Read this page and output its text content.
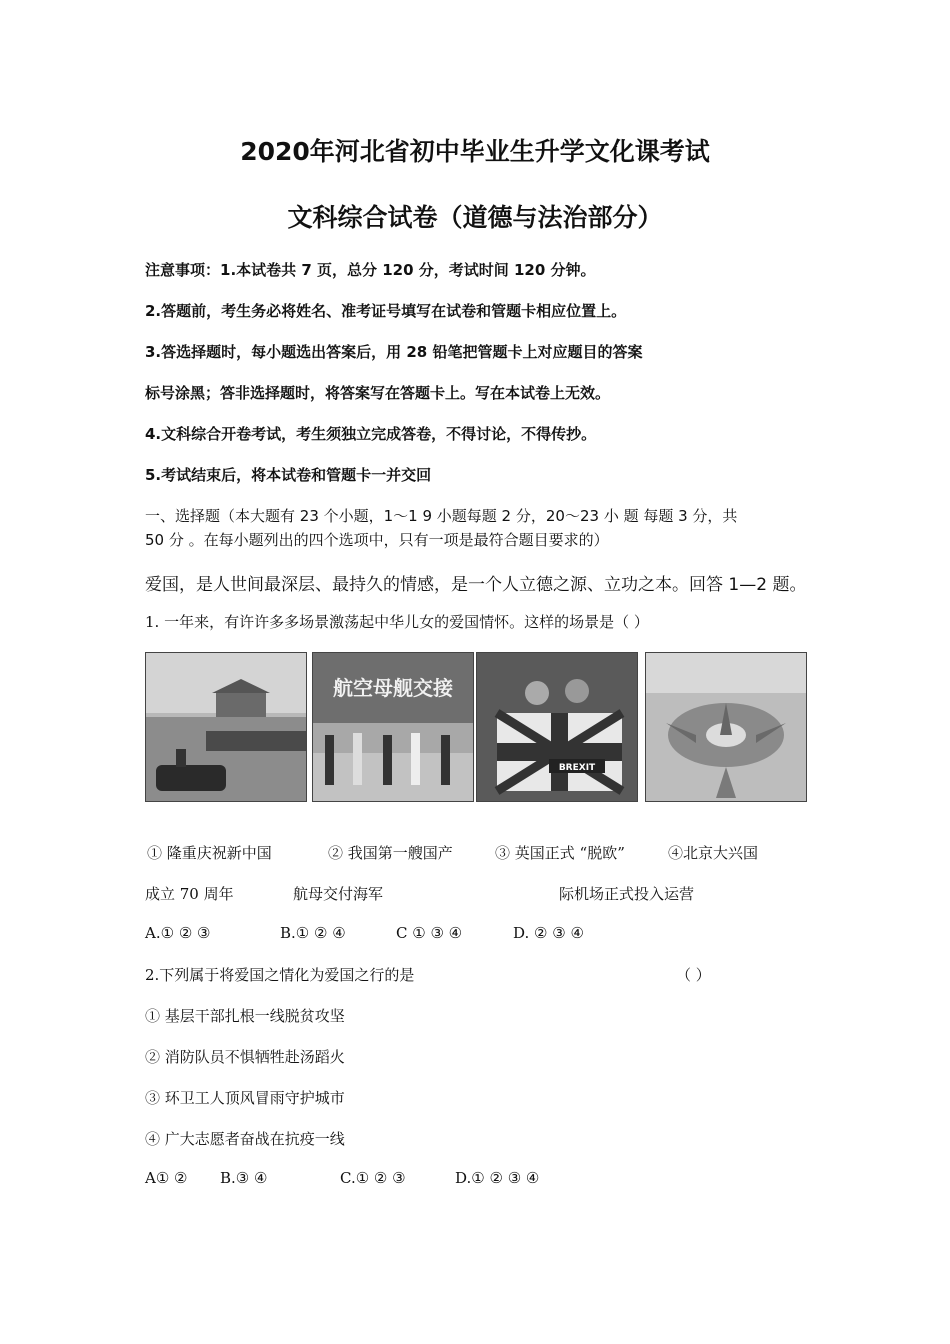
2020年河北省初中毕业生升学文化课考试
文科综合试卷（道德与法治部分）
注意事项：1.本试卷共 7 页，总分 120 分，考试时间 120 分钟。
2.答题前，考生务必将姓名、准考证号填写在试卷和管题卡相应位置上。
3.答选择题时，每小题选出答案后，用 28 铅笔把管题卡上对应题目的答案
标号涂黑；答非选择题时，将答案写在答题卡上。写在本试卷上无效。
4.文科综合开卷考试，考生须独立完成答卷，不得讨论，不得传抄。
5.考试结束后，将本试卷和管题卡一并交回
一、选择题（本大题有 23 个小题，1～1 9 小题每题 2 分，20～23 小 题 每题 3 分，共
50 分 。在每小题列出的四个选项中，只有一项是最符合题目要求的）
爱国，是人世间最深层、最持久的情感，是一个人立德之源、立功之本。回答 1—2 题。
1. 一年来，有许许多多场景激荡起中华儿女的爱国情怀。这样的场景是（ ）
航空母舰交接
BREXIT
① 隆重庆祝新中国
成立 70 周年
② 我国第一艘国产
航母交付海军
③ 英国正式 “脱欧”	④北京大兴国
际机场正式投入运营
A.① ② ③	B.① ② ④	C ① ③ ④	D. ② ③ ④
2.下列属于将爱国之情化为爱国之行的是	（ ）
① 基层干部扎根一线脱贫攻坚
② 消防队员不惧牺牲赴汤蹈火
③ 环卫工人顶风冒雨守护城市
④ 广大志愿者奋战在抗疫一线
A① ② B.③ ④	C.① ② ③	D.① ② ③ ④
